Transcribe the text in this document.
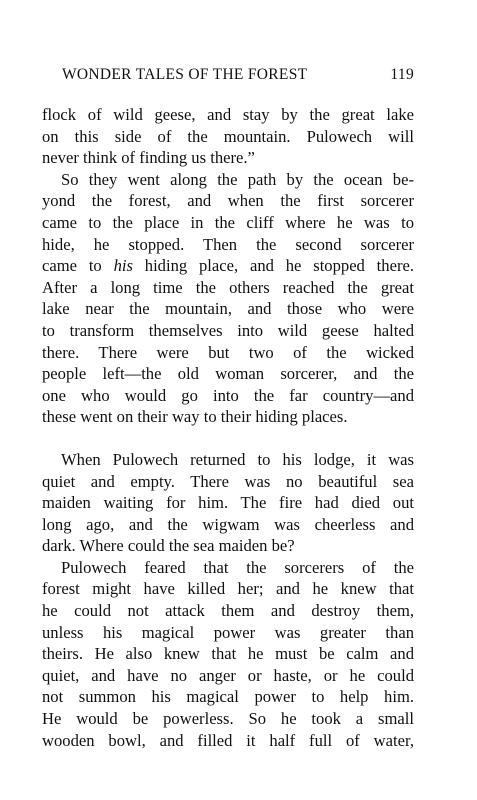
WONDER TALES OF THE FOREST	119

flock of wild geese, and stay by the great lake
on this side of the mountain. Pulowech will
never think of finding us there.”

So they went along the path by the ocean be-
yond the forest, and when the first sorcerer
came to the place in the cliff where he was to
hide, he stopped. Then the second sorcerer
came to his hiding place, and he stopped there.
After a long time the others reached the great
lake near the mountain, and those who were
to transform themselves into wild geese halted
there. There were but two of the wicked
people left—the old woman sorcerer, and the
one who would go into the far country—and
these went on their way to their hiding places.

When Pulowech returned to his lodge, it was
quiet and empty. There was no beautiful sea
maiden waiting for him. The fire had died out
long ago, and the wigwam was cheerless and
dark. Where could the sea maiden be?

Pulowech feared that the sorcerers of the
forest might have killed her; and he knew that
he could not attack them and destroy them,
unless his magical power was greater than
theirs. He also knew that he must be calm and
quiet, and have no anger or haste, or he could
not summon his magical power to help him.
He would be powerless. So he took a small
wooden bowl, and filled it half full of water,
